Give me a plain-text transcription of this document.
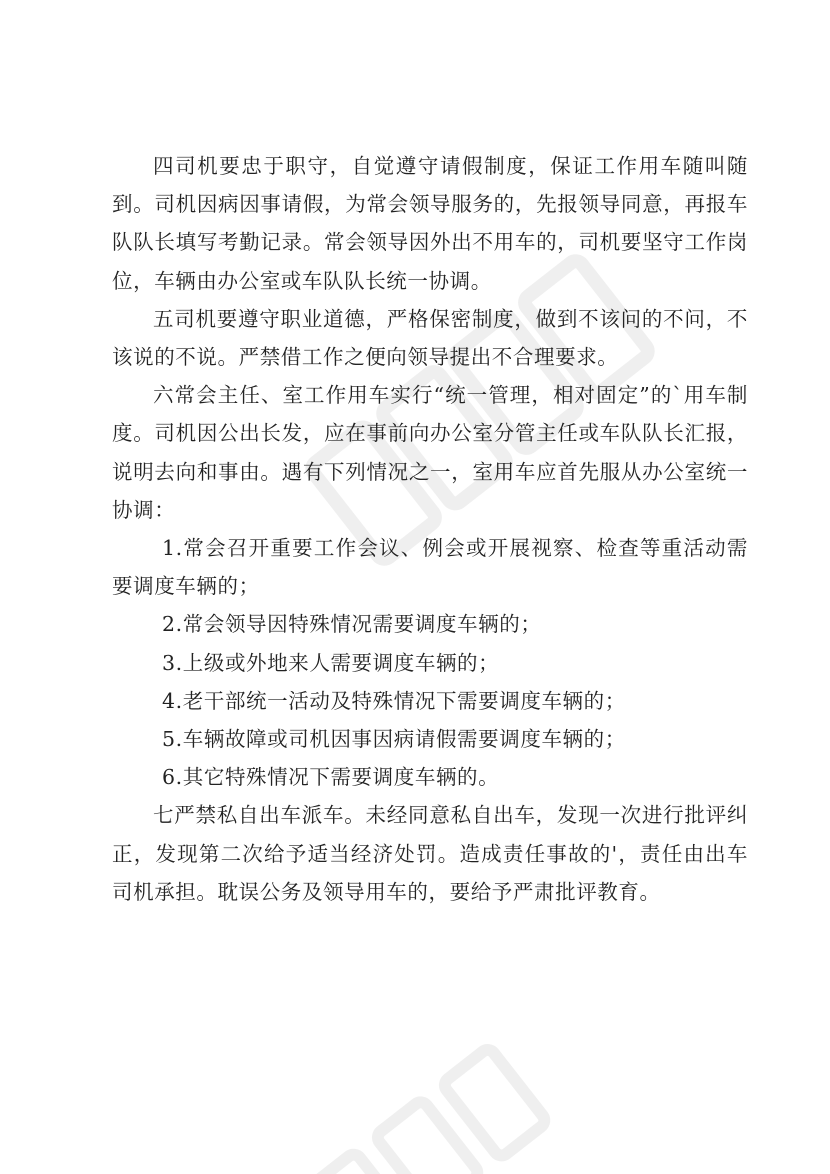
四司机要忠于职守，自觉遵守请假制度，保证工作用车随叫随到。司机因病因事请假，为常会领导服务的，先报领导同意，再报车队队长填写考勤记录。常会领导因外出不用车的，司机要坚守工作岗位，车辆由办公室或车队队长统一协调。

五司机要遵守职业道德，严格保密制度，做到不该问的不问，不该说的不说。严禁借工作之便向领导提出不合理要求。

六常会主任、室工作用车实行“统一管理，相对固定”的`用车制度。司机因公出长发，应在事前向办公室分管主任或车队队长汇报，说明去向和事由。遇有下列情况之一，室用车应首先服从办公室统一协调：

1.常会召开重要工作会议、例会或开展视察、检查等重活动需要调度车辆的；

2.常会领导因特殊情况需要调度车辆的；

3.上级或外地来人需要调度车辆的；

4.老干部统一活动及特殊情况下需要调度车辆的；

5.车辆故障或司机因事因病请假需要调度车辆的；

6.其它特殊情况下需要调度车辆的。

七严禁私自出车派车。未经同意私自出车，发现一次进行批评纠正，发现第二次给予适当经济处罚。造成责任事故的'，责任由出车司机承担。耽误公务及领导用车的，要给予严肃批评教育。
